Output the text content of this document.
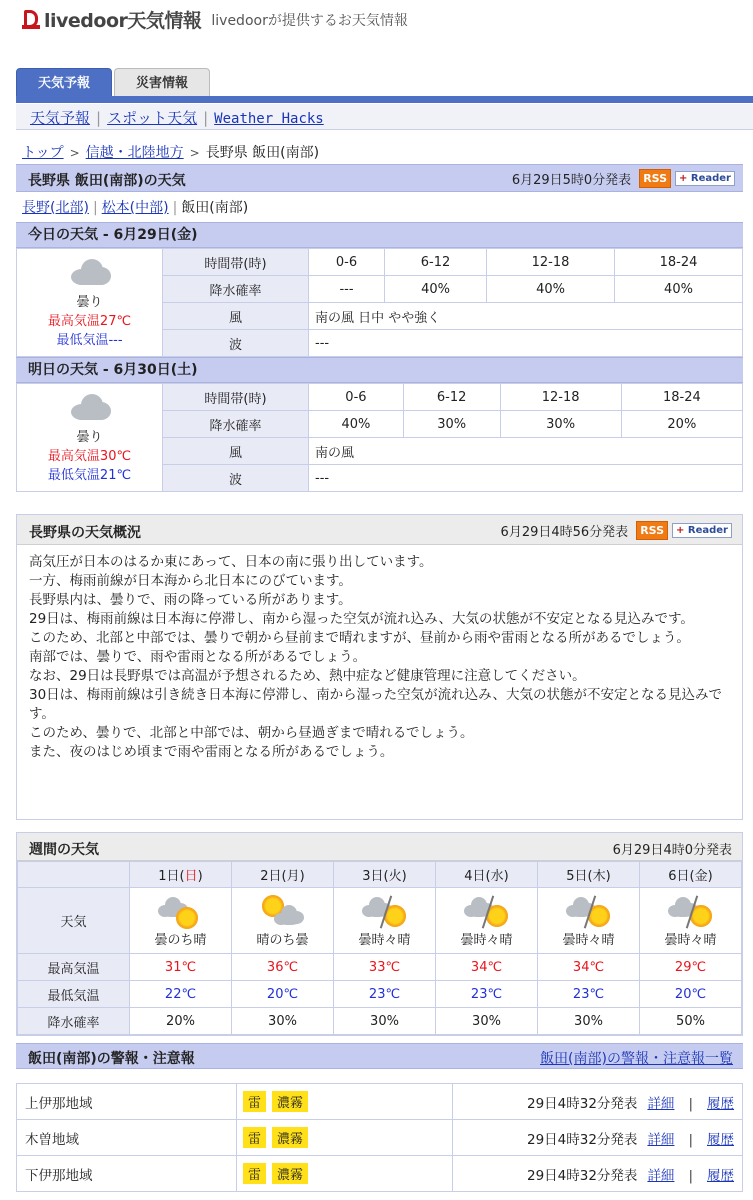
livedoor天気情報 livedoorが提供するお天気情報
天気予報	災害情報
天気予報 | スポット天気 | Weather Hacks
トップ > 信越・北陸地方 > 長野県 飯田(南部)
長野県 飯田(南部)の天気	6月29日5時0分発表	RSS	+ Reader
長野(北部) | 松本(中部) | 飯田(南部)
今日の天気 - 6月29日(金)
曇り
最高気温27℃
最低気温---	時間帯(時)	0-6	6-12	12-18	18-24
	降水確率	---	40%	40%	40%
	風	南の風 日中 やや強く			
	波	---			
明日の天気 - 6月30日(土)
曇り
最高気温30℃
最低気温21℃	時間帯(時)	0-6	6-12	12-18	18-24
	降水確率	40%	30%	30%	20%
	風	南の風			
	波	---			
長野県の天気概況	6月29日4時56分発表	RSS	+ Reader
高気圧が日本のはるか東にあって、日本の南に張り出しています。
一方、梅雨前線が日本海から北日本にのびています。
長野県内は、曇りで、雨の降っている所があります。
29日は、梅雨前線は日本海に停滞し、南から湿った空気が流れ込み、大気の状態が不安定となる見込みです。
このため、北部と中部では、曇りで朝から昼前まで晴れますが、昼前から雨や雷雨となる所があるでしょう。
南部では、曇りで、雨や雷雨となる所があるでしょう。
なお、29日は長野県では高温が予想されるため、熱中症など健康管理に注意してください。
30日は、梅雨前線は引き続き日本海に停滞し、南から湿った空気が流れ込み、大気の状態が不安定となる見込みです。
このため、曇りで、北部と中部では、朝から昼過ぎまで晴れるでしょう。
また、夜のはじめ頃まで雨や雷雨となる所があるでしょう。
週間の天気	6月29日4時0分発表
	1日(日)	2日(月)	3日(火)	4日(水)	5日(木)	6日(金)
天気	曇のち晴	晴のち曇	曇時々晴	曇時々晴	曇時々晴	曇時々晴

最高気温	31℃	36℃	33℃	34℃	34℃	29℃
最低気温	22℃	20℃	23℃	23℃	23℃	20℃
降水確率	20%	30%	30%	30%	30%	50%
飯田(南部)の警報・注意報	飯田(南部)の警報・注意報一覧
上伊那地域	雷 濃霧	29日4時32分発表 詳細 | 履歴
木曽地域	雷 濃霧	29日4時32分発表 詳細 | 履歴
下伊那地域	雷 濃霧	29日4時32分発表 詳細 | 履歴
